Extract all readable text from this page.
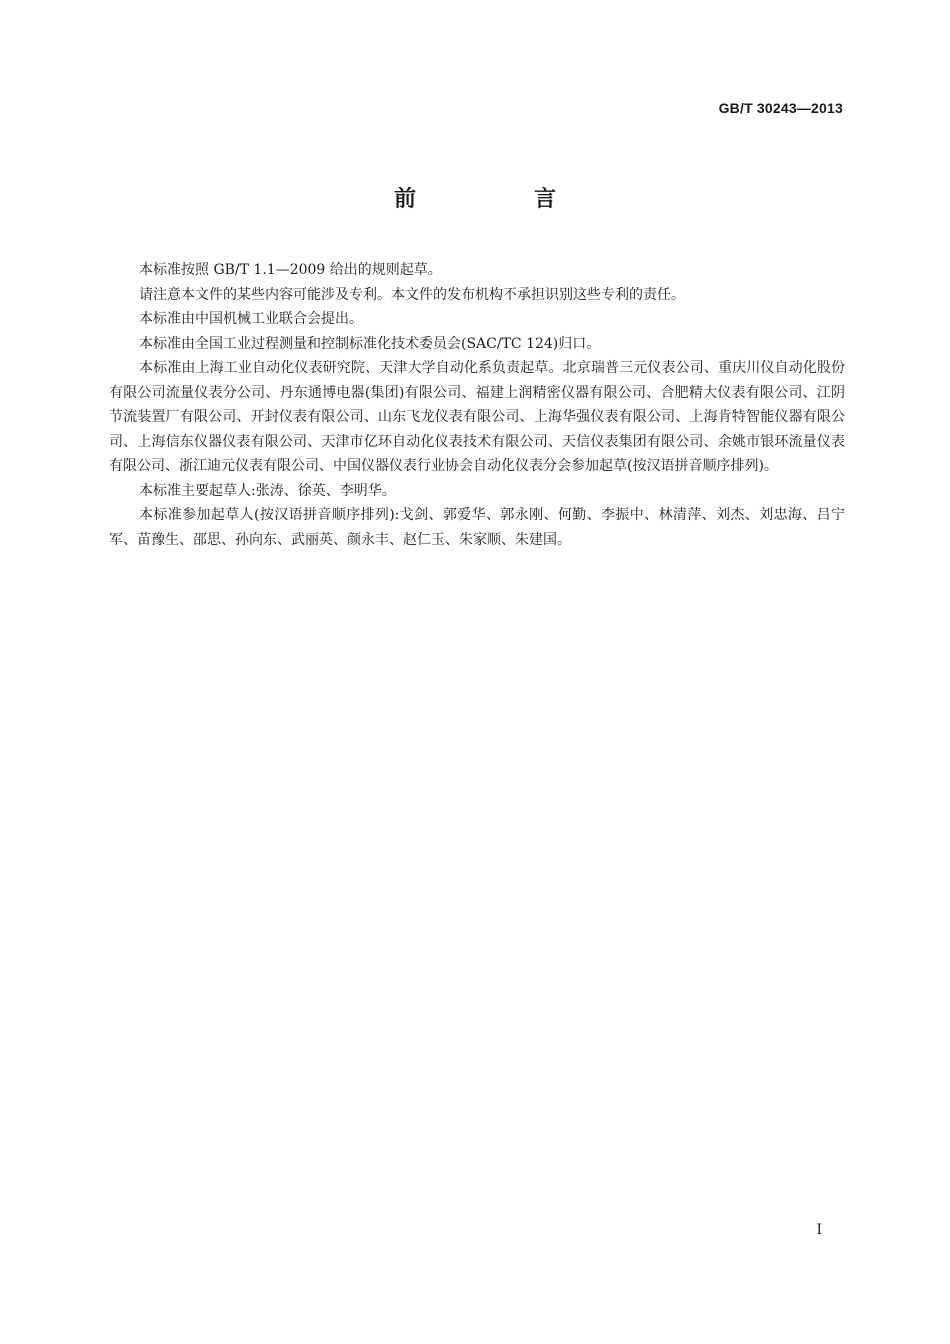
GB/T 30243—2013
前　言

本标准按照 GB/T 1.1—2009 给出的规则起草。

请注意本文件的某些内容可能涉及专利。本文件的发布机构不承担识别这些专利的责任。

本标准由中国机械工业联合会提出。

本标准由全国工业过程测量和控制标准化技术委员会(SAC/TC 124)归口。

本标准由上海工业自动化仪表研究院、天津大学自动化系负责起草。北京瑞普三元仪表公司、重庆川仪自动化股份有限公司流量仪表分公司、丹东通博电器(集团)有限公司、福建上润精密仪器有限公司、合肥精大仪表有限公司、江阴节流装置厂有限公司、开封仪表有限公司、山东飞龙仪表有限公司、上海华强仪表有限公司、上海肯特智能仪器有限公司、上海信东仪器仪表有限公司、天津市亿环自动化仪表技术有限公司、天信仪表集团有限公司、余姚市银环流量仪表有限公司、浙江迪元仪表有限公司、中国仪器仪表行业协会自动化仪表分会参加起草(按汉语拼音顺序排列)。

本标准主要起草人:张涛、徐英、李明华。

本标准参加起草人(按汉语拼音顺序排列):戈剑、郭爱华、郭永刚、何勤、李振中、林清萍、刘杰、刘忠海、吕宁军、苗豫生、邵思、孙向东、武丽英、颜永丰、赵仁玉、朱家顺、朱建国。

I
